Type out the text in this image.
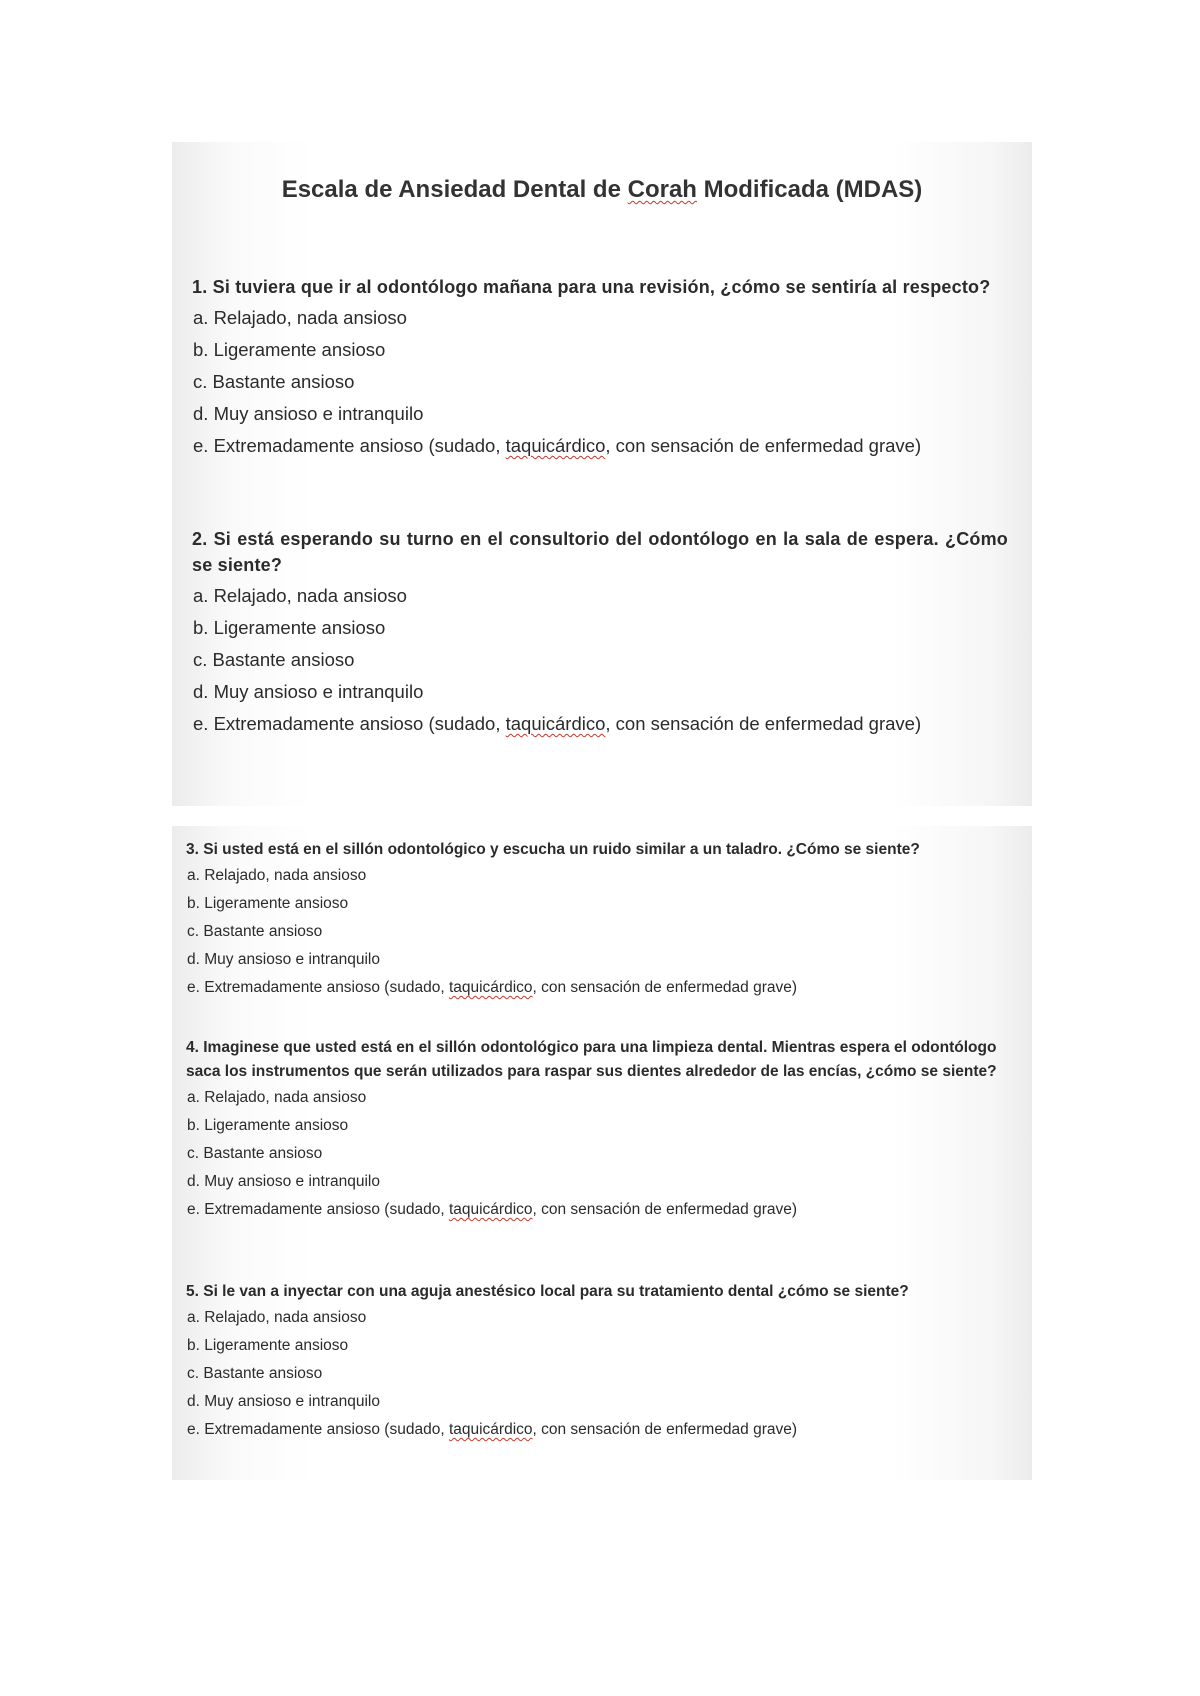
Escala de Ansiedad Dental de Corah Modificada (MDAS)
1. Si tuviera que ir al odontólogo mañana para una revisión, ¿cómo se sentiría al respecto?
a. Relajado, nada ansioso
b. Ligeramente ansioso
c. Bastante ansioso
d. Muy ansioso e intranquilo
e. Extremadamente ansioso (sudado, taquicárdico, con sensación de enfermedad grave)
2. Si está esperando su turno en el consultorio del odontólogo en la sala de espera. ¿Cómo se siente?
a. Relajado, nada ansioso
b. Ligeramente ansioso
c. Bastante ansioso
d. Muy ansioso e intranquilo
e. Extremadamente ansioso (sudado, taquicárdico, con sensación de enfermedad grave)
3. Si usted está en el sillón odontológico y escucha un ruido similar a un taladro. ¿Cómo se siente?
a. Relajado, nada ansioso
b. Ligeramente ansioso
c. Bastante ansioso
d. Muy ansioso e intranquilo
e. Extremadamente ansioso (sudado, taquicárdico, con sensación de enfermedad grave)
4. Imaginese que usted está en el sillón odontológico para una limpieza dental. Mientras espera el odontólogo saca los instrumentos que serán utilizados para raspar sus dientes alrededor de las encías, ¿cómo se siente?
a. Relajado, nada ansioso
b. Ligeramente ansioso
c. Bastante ansioso
d. Muy ansioso e intranquilo
e. Extremadamente ansioso (sudado, taquicárdico, con sensación de enfermedad grave)
5. Si le van a inyectar con una aguja anestésico local para su tratamiento dental ¿cómo se siente?
a. Relajado, nada ansioso
b. Ligeramente ansioso
c. Bastante ansioso
d. Muy ansioso e intranquilo
e. Extremadamente ansioso (sudado, taquicárdico, con sensación de enfermedad grave)
